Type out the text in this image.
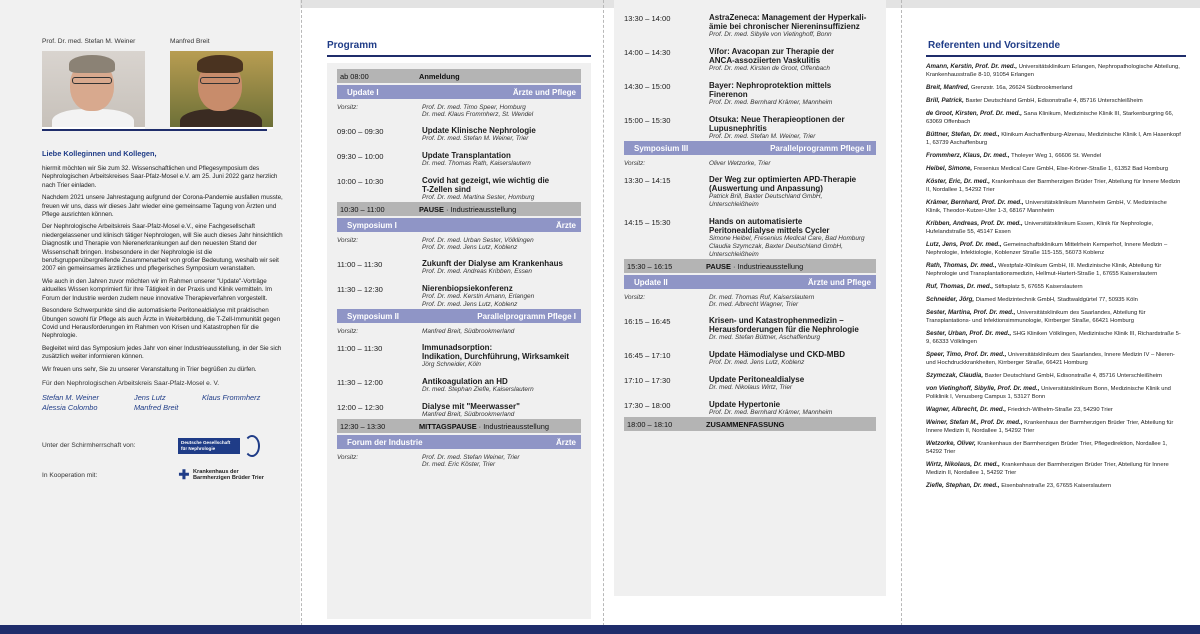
Prof. Dr. med. Stefan M. Weiner	Manfred Breit
Liebe Kolleginnen und Kollegen,

hiermit möchten wir Sie zum 32. Wissenschaftlichen und Pflegesymposium des Nephrologischen Arbeitskreises Saar-Pfalz-Mosel e.V. am 25. Juni 2022 ganz herzlich nach Trier einladen.

Nachdem 2021 unsere Jahrestagung aufgrund der Corona-Pandemie ausfallen musste, freuen wir uns, dass wir dieses Jahr wieder eine gemeinsame Tagung von Ärzten und Pflege ausrichten können.

Der Nephrologische Arbeitskreis Saar-Pfalz-Mosel e.V., eine Fachgesellschaft niedergelassener und klinisch tätiger Nephrologen, will Sie auch dieses Jahr hinsichtlich Diagnostik und Therapie von Nierenerkrankungen auf den neuesten Stand der Wissenschaft bringen. Insbesondere in der Nephrologie ist die berufsgruppenübergreifende Zusammenarbeit von großer Bedeutung, weshalb wir seit 2007 ein gemeinsames ärztliches und pflegerisches Symposium veranstalten.

Wie auch in den Jahren zuvor möchten wir im Rahmen unserer "Update"-Vorträge aktuelles Wissen komprimiert für Ihre Tätigkeit in der Praxis und Klinik vermitteln. Im Forum der Industrie werden zudem neue innovative Therapieverfahren vorgestellt.

Besondere Schwerpunkte sind die automatisierte Peritonealdialyse mit praktischen Übungen sowohl für Pflege als auch Ärzte in Weiterbildung, die T-Zell-Immunität gegen Covid und Herausforderungen im Rahmen von Krisen und Katastrophen für die Nephrologie.

Begleitet wird das Symposium jedes Jahr von einer Industrieausstellung, in der Sie sich zusätzlich weiter informieren können.

Wir freuen uns sehr, Sie zu unserer Veranstaltung in Trier begrüßen zu dürfen.

Für den Nephrologischen Arbeitskreis Saar-Pfalz-Mosel e. V.
Stefan M. Weiner	Jens Lutz	Klaus Frommherz
Alessia Colombo	Manfred Breit
Unter der Schirmherrschaft von:	Deutsche Gesellschaft für Nephrologie
In Kooperation mit:	✚ Krankenhaus der Barmherzigen Brüder Trier
Programm
ab 08:00	Anmeldung
Update I	Ärzte und Pflege
Vorsitz:	Prof. Dr. med. Timo Speer, Homburg
Dr. med. Klaus Frommherz, St. Wendel
09:00 – 09:30	Update Klinische Nephrologie
Prof. Dr. med. Stefan M. Weiner, Trier
09:30 – 10:00	Update Transplantation
Dr. med. Thomas Rath, Kaiserslautern
10:00 – 10:30	Covid hat gezeigt, wie wichtig die
T-Zellen sind
Prof. Dr. med. Martina Sester, Homburg
10:30 – 11:00	PAUSE · Industrieausstellung
Symposium I	Ärzte
Vorsitz:	Prof. Dr. med. Urban Sester, Völklingen
Prof. Dr. med. Jens Lutz, Koblenz
11:00 – 11:30	Zukunft der Dialyse am Krankenhaus
Prof. Dr. med. Andreas Kribben, Essen
11:30 – 12:30	Nierenbiopsiekonferenz
Prof. Dr. med. Kerstin Amann, Erlangen
Prof. Dr. med. Jens Lutz, Koblenz
Symposium II	Parallelprogramm Pflege I
Vorsitz:	Manfred Breit, Südbrookmerland
11:00 – 11:30	Immunadsorption:
Indikation, Durchführung, Wirksamkeit
Jörg Schneider, Köln
11:30 – 12:00	Antikoagulation an HD
Dr. med. Stephan Ziefle, Kaiserslautern
12:00 – 12:30	Dialyse mit "Meerwasser"
Manfred Breit, Südbrookmerland
12:30 – 13:30	MITTAGSPAUSE · Industrieausstellung
Forum der Industrie	Ärzte
Vorsitz:	Prof. Dr. med. Stefan Weiner, Trier
Dr. med. Eric Köster, Trier
13:30 – 14:00	AstraZeneca: Management der Hyperkali-
ämie bei chronischer Niereninsuffizienz
Prof. Dr. med. Sibylle von Vietinghoff, Bonn
14:00 – 14:30	Vifor: Avacopan zur Therapie der
ANCA-assoziierten Vaskulitis
Prof. Dr. med. Kirsten de Groot, Offenbach
14:30 – 15:00	Bayer: Nephroprotektion mittels
Finerenon
Prof. Dr. med. Bernhard Krämer, Mannheim
15:00 – 15:30	Otsuka: Neue Therapieoptionen der
Lupusnephritis
Prof. Dr. med. Stefan M. Weiner, Trier
Symposium III	Parallelprogramm Pflege II
Vorsitz:	Oliver Wetzorke, Trier
13:30 – 14:15	Der Weg zur optimierten APD-Therapie
(Auswertung und Anpassung)
Patrick Brill, Baxter Deutschland GmbH,
Unterschleißheim
14:15 – 15:30	Hands on automatisierte
Peritonealdialyse mittels Cycler
Simone Heibel, Fresenius Medical Care, Bad Homburg
Claudia Szymczak, Baxter Deutschland GmbH,
Unterschleißheim
15:30 – 16:15	PAUSE · Industrieausstellung
Update II	Ärzte und Pflege
Vorsitz:	Dr. med. Thomas Ruf, Kaiserslautern
Dr. med. Albrecht Wagner, Trier
16:15 – 16:45	Krisen- und Katastrophenmedizin –
Herausforderungen für die Nephrologie
Dr. med. Stefan Büttner, Aschaffenburg
16:45 – 17:10	Update Hämodialyse und CKD-MBD
Prof. Dr. med. Jens Lutz, Koblenz
17:10 – 17:30	Update Peritonealdialyse
Dr. med. Nikolaus Wirtz, Trier
17:30 – 18:00	Update Hypertonie
Prof. Dr. med. Bernhard Krämer, Mannheim
18:00 – 18:10	ZUSAMMENFASSUNG
Referenten und Vorsitzende
Amann, Kerstin, Prof. Dr. med., Universitätsklinikum Erlangen, Nephropathologische Abteilung, Krankenhausstraße 8-10, 91054 Erlangen
Breit, Manfred, Grenzstr. 16a, 26624 Südbrookmerland
Brill, Patrick, Baxter Deutschland GmbH, Edisonstraße 4, 85716 Unterschleißheim
de Groot, Kirsten, Prof. Dr. med., Sana Klinikum, Medizinische Klinik III, Starkenburgring 66, 63069 Offenbach
Büttner, Stefan, Dr. med., Klinikum Aschaffenburg-Alzenau, Medizinische Klinik I, Am Hasenkopf 1, 63739 Aschaffenburg
Frommherz, Klaus, Dr. med., Tholeyer Weg 1, 66606 St. Wendel
Heibel, Simone, Fresenius Medical Care GmbH, Else-Kröner-Straße 1, 61352 Bad Homburg
Köster, Eric, Dr. med., Krankenhaus der Barmherzigen Brüder Trier, Abteilung für Innere Medizin II, Nordallee 1, 54292 Trier
Krämer, Bernhard, Prof. Dr. med., Universitätsklinikum Mannheim GmbH, V. Medizinische Klinik, Theodor-Kutzer-Ufer 1-3, 68167 Mannheim
Kribben, Andreas, Prof. Dr. med., Universitätsklinikum Essen, Klinik für Nephrologie, Hufelandstraße 55, 45147 Essen
Lutz, Jens, Prof. Dr. med., Gemeinschaftsklinikum Mittelrhein Kemperhof, Innere Medizin – Nephrologie, Infektiologie, Koblenzer Straße 115-155, 56073 Koblenz
Rath, Thomas, Dr. med., Westpfalz-Klinikum GmbH, III. Medizinische Klinik, Abteilung für Nephrologie und Transplantationsmedizin, Hellmut-Hartert-Straße 1, 67655 Kaiserslautern
Ruf, Thomas, Dr. med., Stiftsplatz 5, 67655 Kaiserslautern
Schneider, Jörg, Diamed Medizintechnik GmbH, Stadtwaldgürtel 77, 50935 Köln
Sester, Martina, Prof. Dr. med., Universitätsklinikum des Saarlandes, Abteilung für Transplantations- und Infektionsimmunologie, Kirrberger Straße, 66421 Homburg
Sester, Urban, Prof. Dr. med., SHG Kliniken Völklingen, Medizinische Klinik III, Richardstraße 5-9, 66333 Völklingen
Speer, Timo, Prof. Dr. med., Universitätsklinikum des Saarlandes, Innere Medizin IV – Nieren- und Hochdruckkrankheiten, Kirrberger Straße, 66421 Homburg
Szymczak, Claudia, Baxter Deutschland GmbH, Edisonstraße 4, 85716 Unterschleißheim
von Vietinghoff, Sibylle, Prof. Dr. med., Universitätsklinikum Bonn, Medizinische Klinik und Poliklinik I, Venusberg Campus 1, 53127 Bonn
Wagner, Albrecht, Dr. med., Friedrich-Wilhelm-Straße 23, 54290 Trier
Weiner, Stefan M., Prof. Dr. med., Krankenhaus der Barmherzigen Brüder Trier, Abteilung für Innere Medizin II, Nordallee 1, 54292 Trier
Wetzorke, Oliver, Krankenhaus der Barmherzigen Brüder Trier, Pflegedirektion, Nordallee 1, 54292 Trier
Wirtz, Nikolaus, Dr. med., Krankenhaus der Barmherzigen Brüder Trier, Abteilung für Innere Medizin II, Nordallee 1, 54292 Trier
Ziefle, Stephan, Dr. med., Eisenbahnstraße 23, 67655 Kaiserslautern
